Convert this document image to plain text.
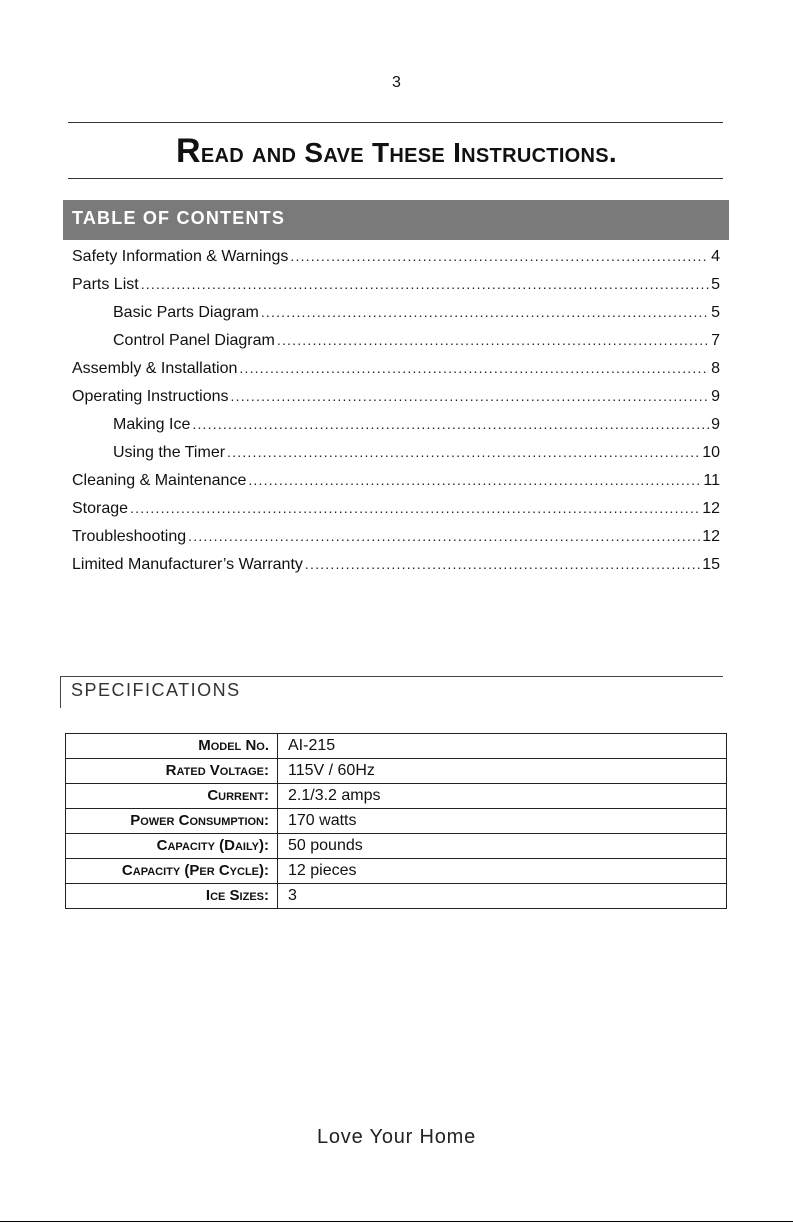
3
Read and Save These Instructions.
TABLE OF CONTENTS
Safety Information & Warnings .....	4
Parts List .....	5
Basic Parts Diagram .....	5
Control Panel Diagram .....	7
Assembly & Installation .....	8
Operating Instructions .....	9
Making Ice .....	9
Using the Timer .....	10
Cleaning & Maintenance .....	11
Storage .....	12
Troubleshooting .....	12
Limited Manufacturer’s Warranty .....	15
SPECIFICATIONS
Model No.	AI-215
Rated Voltage:	115V / 60Hz
Current:	2.1/3.2 amps
Power Consumption:	170 watts
Capacity (Daily):	50 pounds
Capacity (Per Cycle):	12 pieces
Ice Sizes:	3
Love Your Home
